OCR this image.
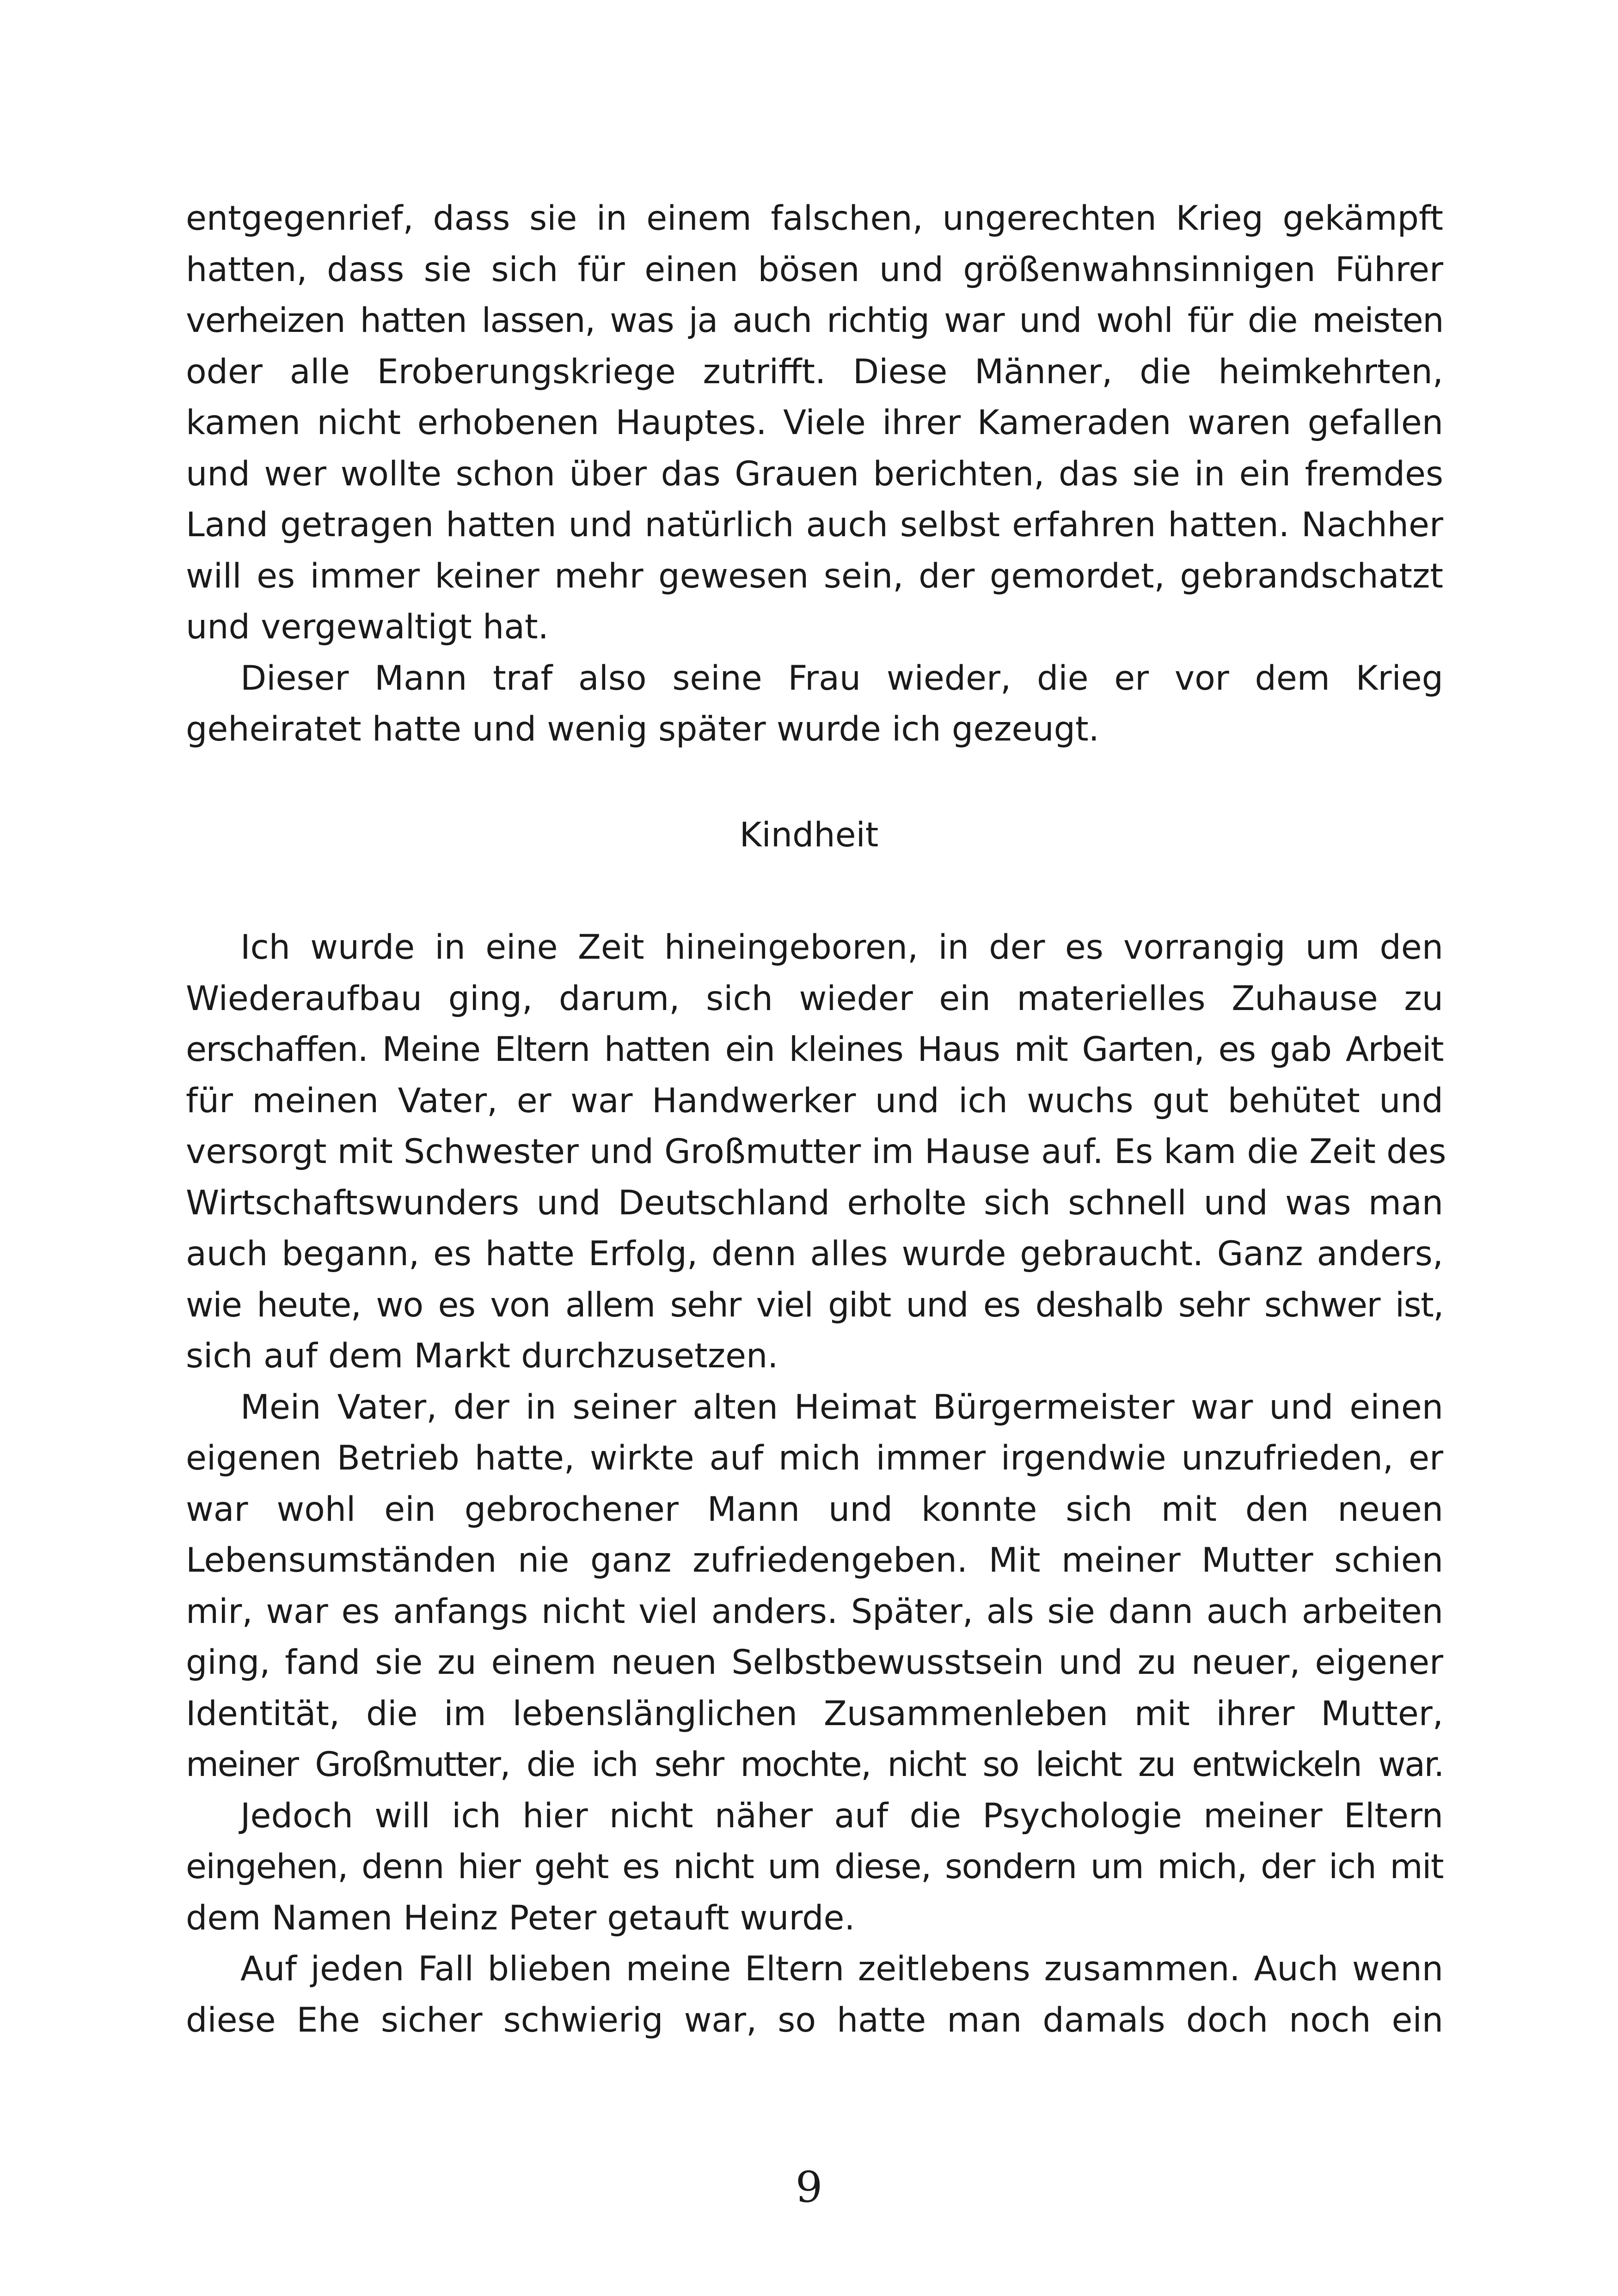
entgegenrief, dass sie in einem falschen, ungerechten Krieg gekämpft
hatten, dass sie sich für einen bösen und größenwahnsinnigen Führer
verheizen hatten lassen, was ja auch richtig war und wohl für die meisten
oder alle Eroberungskriege zutrifft. Diese Männer, die heimkehrten,
kamen nicht erhobenen Hauptes. Viele ihrer Kameraden waren gefallen
und wer wollte schon über das Grauen berichten, das sie in ein fremdes
Land getragen hatten und natürlich auch selbst erfahren hatten. Nachher
will es immer keiner mehr gewesen sein, der gemordet, gebrandschatzt
und vergewaltigt hat.
Dieser Mann traf also seine Frau wieder, die er vor dem Krieg
geheiratet hatte und wenig später wurde ich gezeugt.
Kindheit
Ich wurde in eine Zeit hineingeboren, in der es vorrangig um den
Wiederaufbau ging, darum, sich wieder ein materielles Zuhause zu
erschaffen. Meine Eltern hatten ein kleines Haus mit Garten, es gab Arbeit
für meinen Vater, er war Handwerker und ich wuchs gut behütet und
versorgt mit Schwester und Großmutter im Hause auf. Es kam die Zeit des
Wirtschaftswunders und Deutschland erholte sich schnell und was man
auch begann, es hatte Erfolg, denn alles wurde gebraucht. Ganz anders,
wie heute, wo es von allem sehr viel gibt und es deshalb sehr schwer ist,
sich auf dem Markt durchzusetzen.
Mein Vater, der in seiner alten Heimat Bürgermeister war und einen
eigenen Betrieb hatte, wirkte auf mich immer irgendwie unzufrieden, er
war wohl ein gebrochener Mann und konnte sich mit den neuen
Lebensumständen nie ganz zufriedengeben. Mit meiner Mutter schien
mir, war es anfangs nicht viel anders. Später, als sie dann auch arbeiten
ging, fand sie zu einem neuen Selbstbewusstsein und zu neuer, eigener
Identität, die im lebenslänglichen Zusammenleben mit ihrer Mutter,
meiner Großmutter, die ich sehr mochte, nicht so leicht zu entwickeln war.
Jedoch will ich hier nicht näher auf die Psychologie meiner Eltern
eingehen, denn hier geht es nicht um diese, sondern um mich, der ich mit
dem Namen Heinz Peter getauft wurde.
Auf jeden Fall blieben meine Eltern zeitlebens zusammen. Auch wenn
diese Ehe sicher schwierig war, so hatte man damals doch noch ein
9
